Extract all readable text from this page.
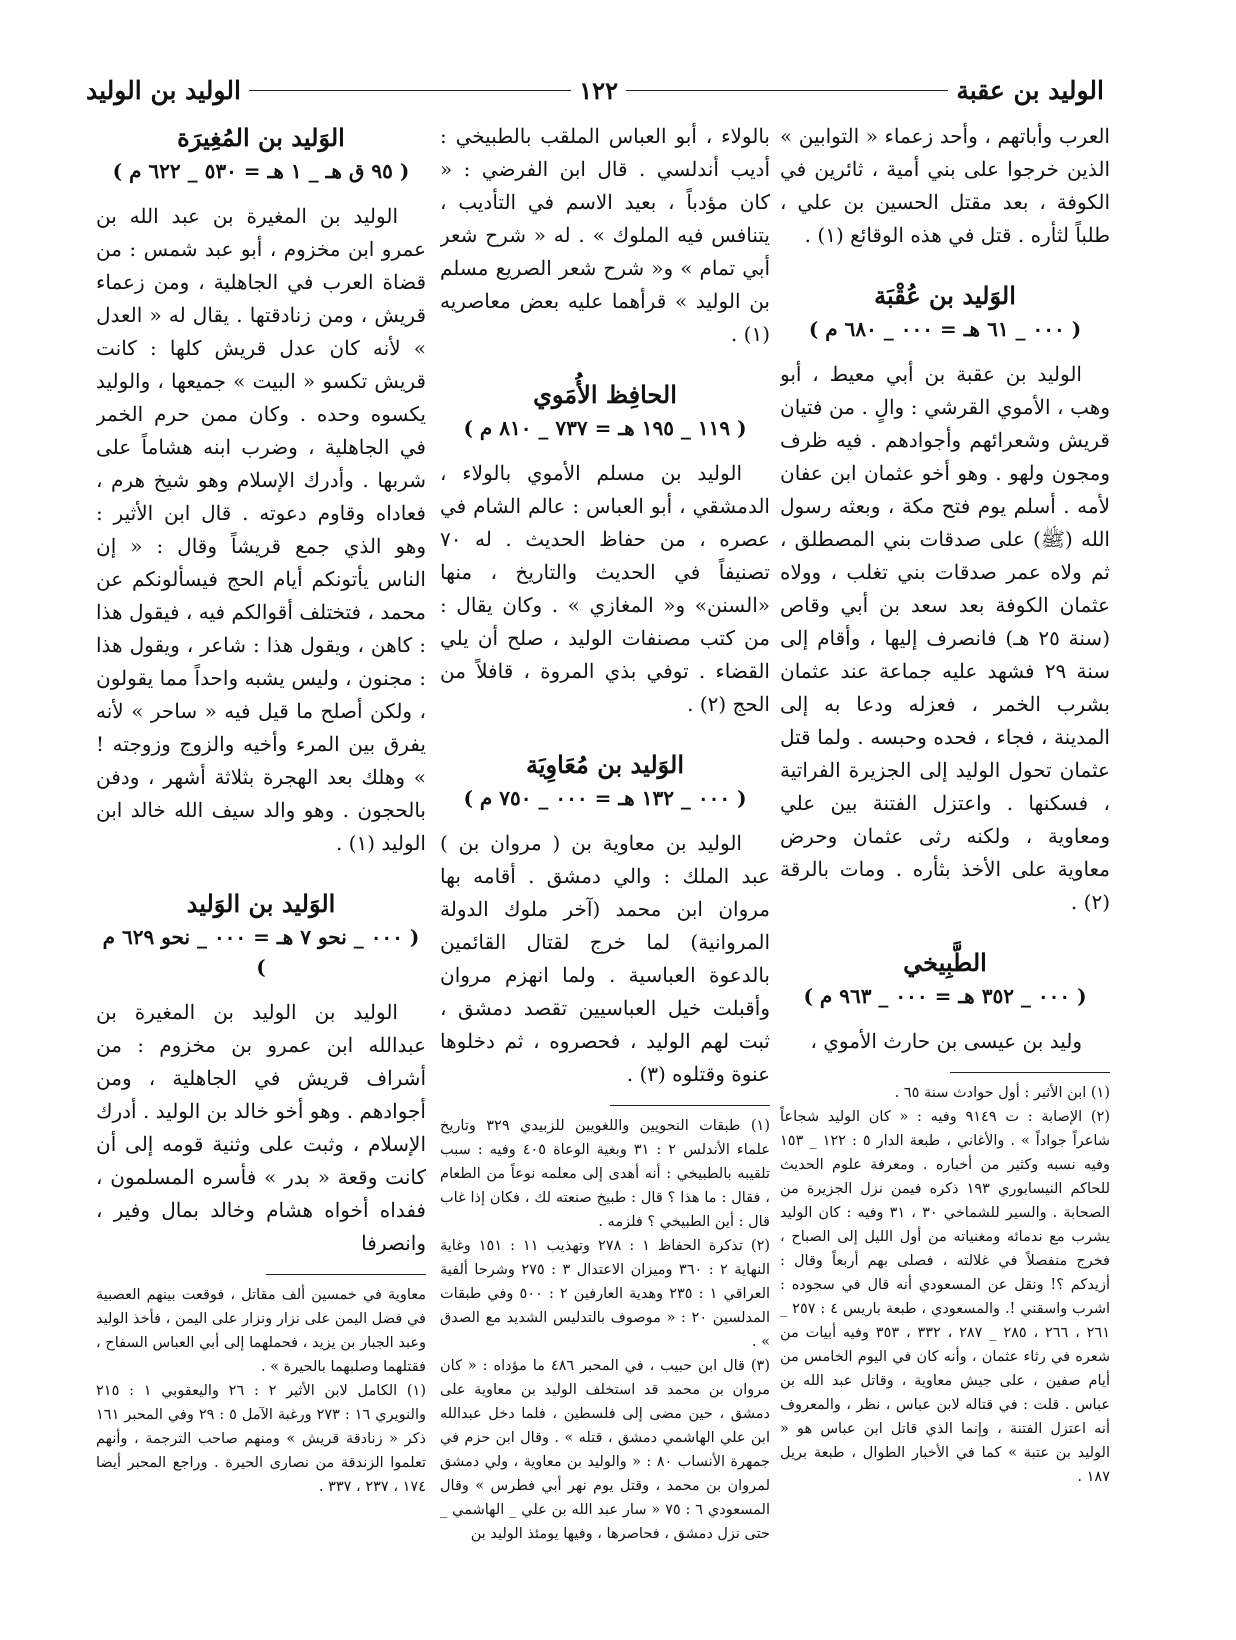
الوليد بن عقبة
١٢٢
الوليد بن الوليد

العرب وأباتهم ، وأحد زعماء « التوابين » الذين خرجوا على بني أمية ، ثائرين في الكوفة ، بعد مقتل الحسين بن علي ، طلباً لثأره . قتل في هذه الوقائع (١) .

الوَليد بن عُقْبَة

( ٠٠٠ _ ٦١ هـ = ٠٠٠ _ ٦٨٠ م )

الوليد بن عقبة بن أبي معيط ، أبو وهب ، الأموي القرشي : والٍ . من فتيان قريش وشعرائهم وأجوادهم . فيه ظرف ومجون ولهو . وهو أخو عثمان ابن عفان لأمه . أسلم يوم فتح مكة ، وبعثه رسول الله (ﷺ) على صدقات بني المصطلق ، ثم ولاه عمر صدقات بني تغلب ، وولاه عثمان الكوفة بعد سعد بن أبي وقاص (سنة ٢٥ هـ) فانصرف إليها ، وأقام إلى سنة ٢٩ فشهد عليه جماعة عند عثمان بشرب الخمر ، فعزله ودعا به إلى المدينة ، فجاء ، فحده وحبسه . ولما قتل عثمان تحول الوليد إلى الجزيرة الفراتية ، فسكنها . واعتزل الفتنة بين علي ومعاوية ، ولكنه رثى عثمان وحرض معاوية على الأخذ بثأره . ومات بالرقة (٢) .

الطَّبِيخي

( ٠٠٠ _ ٣٥٢ هـ = ٠٠٠ _ ٩٦٣ م )

وليد بن عيسى بن حارث الأموي ،

(١) ابن الأثير : أول حوادث سنة ٦٥ .

(٢) الإصابة : ت ٩١٤٩ وفيه : « كان الوليد شجاعاً شاعراً جواداً » . والأغاني ، طبعة الدار ٥ : ١٢٢ _ ١٥٣ وفيه نسبه وكثير من أخباره . ومعرفة علوم الحديث للحاكم النيسابوري ١٩٣ ذكره فيمن نزل الجزيرة من الصحابة . والسير للشماخي ٣٠ ، ٣١ وفيه : كان الوليد يشرب مع ندمائه ومغنياته من أول الليل إلى الصباح ، فخرج منفصلاً في غلالته ، فصلى بهم أربعاً وقال : أزيدكم ؟! ونقل عن المسعودي أنه قال في سجوده : اشرب واسقني !. والمسعودي ، طبعة باريس ٤ : ٢٥٧ _ ٢٦١ ، ٢٦٦ ، ٢٨٥ _ ٢٨٧ ، ٣٣٢ ، ٣٥٣ وفيه أبيات من شعره في رثاء عثمان ، وأنه كان في اليوم الخامس من أيام صفين ، على جيش معاوية ، وقاتل عبد الله بن عباس . قلت : في قتاله لابن عباس ، نظر ، والمعروف أنه اعتزل الفتنة ، وإنما الذي قاتل ابن عباس هو « الوليد بن عتبة » كما في الأخبار الطوال ، طبعة بريل ١٨٧ .

بالولاء ، أبو العباس الملقب بالطبيخي : أديب أندلسي . قال ابن الفرضي : « كان مؤدباً ، بعيد الاسم في التأديب ، يتنافس فيه الملوك » . له « شرح شعر أبي تمام » و« شرح شعر الصريع مسلم بن الوليد » قرأهما عليه بعض معاصريه (١) .

الحافِظ الأُمَوي

( ١١٩ _ ١٩٥ هـ = ٧٣٧ _ ٨١٠ م )

الوليد بن مسلم الأموي بالولاء ، الدمشقي ، أبو العباس : عالم الشام في عصره ، من حفاظ الحديث . له ٧٠ تصنيفاً في الحديث والتاريخ ، منها «السنن» و« المغازي » . وكان يقال : من كتب مصنفات الوليد ، صلح أن يلي القضاء . توفي بذي المروة ، قافلاً من الحج (٢) .

الوَليد بن مُعَاوِيَة

( ٠٠٠ _ ١٣٢ هـ = ٠٠٠ _ ٧٥٠ م )

الوليد بن معاوية بن ( مروان بن ) عبد الملك : والي دمشق . أقامه بها مروان ابن محمد (آخر ملوك الدولة المروانية) لما خرج لقتال القائمين بالدعوة العباسية . ولما انهزم مروان وأقبلت خيل العباسيين تقصد دمشق ، ثبت لهم الوليد ، فحصروه ، ثم دخلوها عنوة وقتلوه (٣) .

(١) طبقات النحويين واللغويين للزبيدي ٣٢٩ وتاريخ علماء الأندلس ٢ : ٣١ وبغية الوعاة ٤٠٥ وفيه : سبب تلقيبه بالطبيخي : أنه أهدى إلى معلمه نوعاً من الطعام ، فقال : ما هذا ؟ قال : طبيخ صنعته لك ، فكان إذا غاب قال : أين الطبيخي ؟ فلزمه .

(٢) تذكرة الحفاظ ١ : ٢٧٨ وتهذيب ١١ : ١٥١ وغاية النهاية ٢ : ٣٦٠ وميزان الاعتدال ٣ : ٢٧٥ وشرحا ألفية العراقي ١ : ٢٣٥ وهدية العارفين ٢ : ٥٠٠ وفي طبقات المدلسين ٢٠ : « موصوف بالتدليس الشديد مع الصدق » .

(٣) قال ابن حبيب ، في المحبر ٤٨٦ ما مؤداه : « كان مروان بن محمد قد استخلف الوليد بن معاوية على دمشق ، حين مضى إلى فلسطين ، فلما دخل عبدالله ابن علي الهاشمي دمشق ، قتله » . وقال ابن حزم في جمهرة الأنساب ٨٠ : « والوليد بن معاوية ، ولي دمشق لمروان بن محمد ، وقتل يوم نهر أبي فطرس » وقال المسعودي ٦ : ٧٥ « سار عبد الله بن علي _ الهاشمي _ حتى نزل دمشق ، فحاصرها ، وفيها يومئذ الوليد بن

الوَليد بن المُغِيرَة

( ٩٥ ق هـ _ ١ هـ = ٥٣٠ _ ٦٢٢ م )

الوليد بن المغيرة بن عبد الله بن عمرو ابن مخزوم ، أبو عبد شمس : من قضاة العرب في الجاهلية ، ومن زعماء قريش ، ومن زنادقتها . يقال له « العدل » لأنه كان عدل قريش كلها : كانت قريش تكسو « البيت » جميعها ، والوليد يكسوه وحده . وكان ممن حرم الخمر في الجاهلية ، وضرب ابنه هشاماً على شربها . وأدرك الإسلام وهو شيخ هرم ، فعاداه وقاوم دعوته . قال ابن الأثير : وهو الذي جمع قريشاً وقال : « إن الناس يأتونكم أيام الحج فيسألونكم عن محمد ، فتختلف أقوالكم فيه ، فيقول هذا : كاهن ، ويقول هذا : شاعر ، ويقول هذا : مجنون ، وليس يشبه واحداً مما يقولون ، ولكن أصلح ما قيل فيه « ساحر » لأنه يفرق بين المرء وأخيه والزوج وزوجته ! » وهلك بعد الهجرة بثلاثة أشهر ، ودفن بالحجون . وهو والد سيف الله خالد ابن الوليد (١) .

الوَليد بن الوَليد

( ٠٠٠ _ نحو ٧ هـ = ٠٠٠ _ نحو ٦٢٩ م )

الوليد بن الوليد بن المغيرة بن عبدالله ابن عمرو بن مخزوم : من أشراف قريش في الجاهلية ، ومن أجوادهم . وهو أخو خالد بن الوليد . أدرك الإسلام ، وثبت على وثنية قومه إلى أن كانت وقعة « بدر » فأسره المسلمون ، ففداه أخواه هشام وخالد بمال وفير ، وانصرفا

معاوية في خمسين ألف مقاتل ، فوقعت بينهم العصبية في فضل اليمن على نزار ونزار على اليمن ، فأخذ الوليد وعبد الجبار بن يزيد ، فحملهما إلى أبي العباس السفاح ، فقتلهما وصلبهما بالحيرة » .

(١) الكامل لابن الأثير ٢ : ٢٦ واليعقوبي ١ : ٢١٥ والنويري ١٦ : ٢٧٣ ورغبة الآمل ٥ : ٢٩ وفي المحبر ١٦١ ذكر « زنادقة قريش » ومنهم صاحب الترجمة ، وأنهم تعلموا الزندقة من نصارى الحيرة . وراجع المحبر أيضا ١٧٤ ، ٢٣٧ ، ٣٣٧ .
